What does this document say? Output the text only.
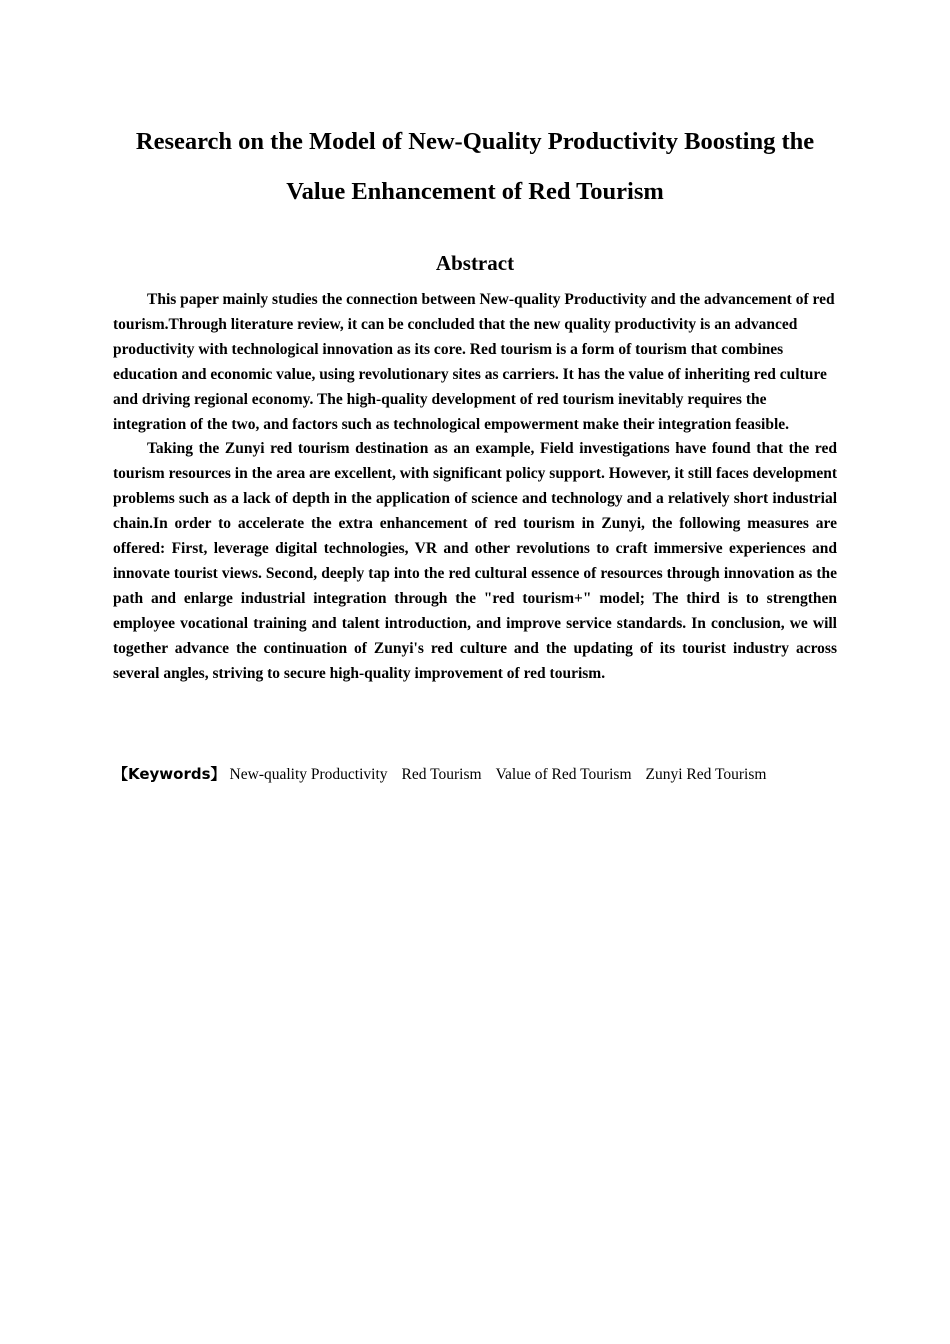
Research on the Model of New-Quality Productivity Boosting the
Value Enhancement of Red Tourism
Abstract

This paper mainly studies the connection between New-quality Productivity and the advancement of red tourism.Through literature review, it can be concluded that the new quality productivity is an advanced productivity with technological innovation as its core. Red tourism is a form of tourism that combines education and economic value, using revolutionary sites as carriers. It has the value of inheriting red culture and driving regional economy. The high-quality development of red tourism inevitably requires the integration of the two, and factors such as technological empowerment make their integration feasible.

Taking the Zunyi red tourism destination as an example, Field investigations have found that the red tourism resources in the area are excellent, with significant policy support. However, it still faces development problems such as a lack of depth in the application of science and technology and a relatively short industrial chain.In order to accelerate the extra enhancement of red tourism in Zunyi, the following measures are offered: First, leverage digital technologies, VR and other revolutions to craft immersive experiences and innovate tourist views. Second, deeply tap into the red cultural essence of resources through innovation as the path and enlarge industrial integration through the "red tourism+" model; The third is to strengthen employee vocational training and talent introduction, and improve service standards. In conclusion, we will together advance the continuation of Zunyi's red culture and the updating of its tourist industry across several angles, striving to secure high-quality improvement of red tourism.

【Keywords】 New-quality Productivity Red Tourism Value of Red Tourism Zunyi Red Tourism
